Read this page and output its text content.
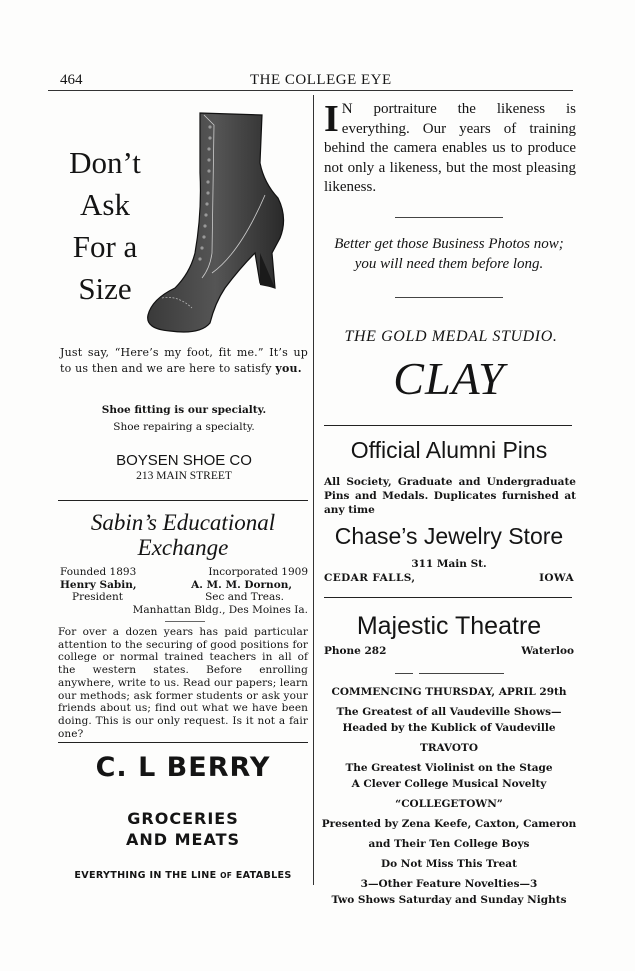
464	THE COLLEGE EYE
Don’t
Ask
For a
Size
Just say, “Here’s my foot, fit me.” It’s up to us then and we are here to satisfy you.
Shoe fitting is our specialty.
Shoe repairing a specialty.
BOYSEN SHOE CO
213 MAIN STREET
Sabin’s Educational
Exchange
Founded 1893	Incorporated 1909
Henry Sabin,	A. M. M. Dornon,
President	Sec and Treas.
Manhattan Bldg., Des Moines Ia.
For over a dozen years has paid particular attention to the securing of good positions for college or normal trained teachers in all of the western states. Before enrolling anywhere, write to us. Read our papers; learn our methods; ask former students or ask your friends about us; find out what we have been doing. This is our only request. Is it not a fair one?
C. L BERRY
GROCERIES
AND MEATS
EVERYTHING IN THE LINE OF EATABLES
I N portraiture the likeness is everything. Our years of training behind the camera enables us to produce not only a likeness, but the most pleasing likeness.
Better get those Business Photos now;
you will need them before long.
THE GOLD MEDAL STUDIO.
CLAY
Official Alumni Pins
All Society, Graduate and Undergraduate Pins and Medals. Duplicates furnished at any time
Chase’s Jewelry Store
311 Main St.
CEDAR FALLS,	IOWA
Majestic Theatre
Phone 282	Waterloo
COMMENCING THURSDAY, APRIL 29th
The Greatest of all Vaudeville Shows—
Headed by the Kublick of Vaudeville
TRAVOTO
The Greatest Violinist on the Stage
A Clever College Musical Novelty
“COLLEGETOWN”
Presented by Zena Keefe, Caxton, Cameron
and Their Ten College Boys
Do Not Miss This Treat
3—Other Feature Novelties—3
Two Shows Saturday and Sunday Nights
